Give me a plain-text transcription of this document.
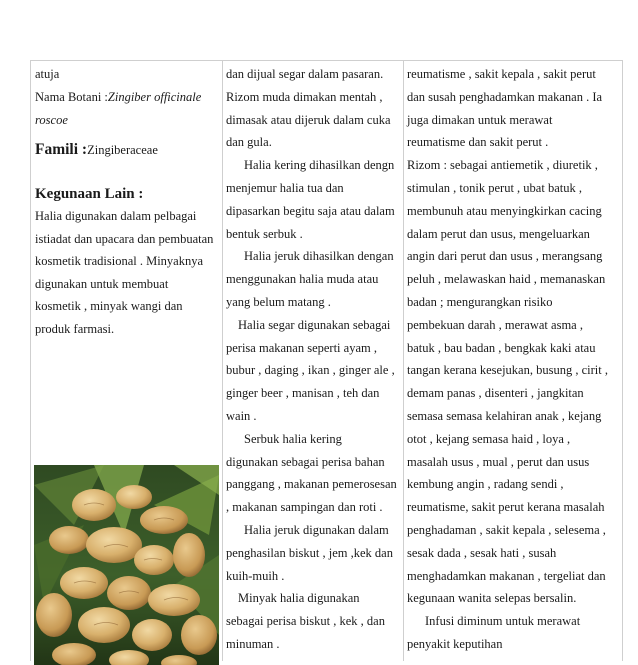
atuja
Nama Botani :Zingiber officinale
roscoe
Famili :Zingiberaceae
Kegunaan Lain :
Halia digunakan dalam pelbagai
istiadat dan upacara dan pembuatan
kosmetik tradisional . Minyaknya
digunakan untuk membuat
kosmetik , minyak wangi dan
produk farmasi.
dan dijual segar dalam pasaran.
Rizom muda dimakan mentah ,
dimasak atau dijeruk dalam cuka
dan gula.
Halia kering dihasilkan dengn
menjemur halia tua dan
dipasarkan begitu saja atau dalam
bentuk serbuk .
Halia jeruk dihasilkan dengan
menggunakan halia muda atau
yang belum matang .
Halia segar digunakan sebagai
perisa makanan seperti ayam ,
bubur , daging , ikan , ginger ale ,
ginger beer , manisan , teh dan
wain .
Serbuk halia kering
digunakan sebagai perisa bahan
panggang , makanan pemerosesan
, makanan sampingan dan roti .
Halia jeruk digunakan dalam
penghasilan biskut , jem ,kek dan
kuih-muih .
Minyak halia digunakan
sebagai perisa biskut , kek , dan
minuman .
reumatisme , sakit kepala , sakit perut
dan susah penghadamkan makanan . Ia
juga dimakan untuk merawat
reumatisme dan sakit perut .
Rizom : sebagai antiemetik , diuretik ,
stimulan , tonik perut , ubat batuk ,
membunuh atau menyingkirkan cacing
dalam perut dan usus, mengeluarkan
angin dari perut dan usus , merangsang
peluh , melawaskan haid , memanaskan
badan ; mengurangkan risiko
pembekuan darah , merawat asma ,
batuk , bau badan , bengkak kaki atau
tangan kerana kesejukan, busung , cirit ,
demam panas , disenteri , jangkitan
semasa semasa kelahiran anak , kejang
otot , kejang semasa haid , loya ,
masalah usus , mual , perut dan usus
kembung angin , radang sendi ,
reumatisme, sakit perut kerana masalah
penghadaman , sakit kepala , selesema ,
sesak dada , sesak hati , susah
menghadamkan makanan , tergeliat dan
kegunaan wanita selepas bersalin.
Infusi diminum untuk merawat
penyakit keputihan
